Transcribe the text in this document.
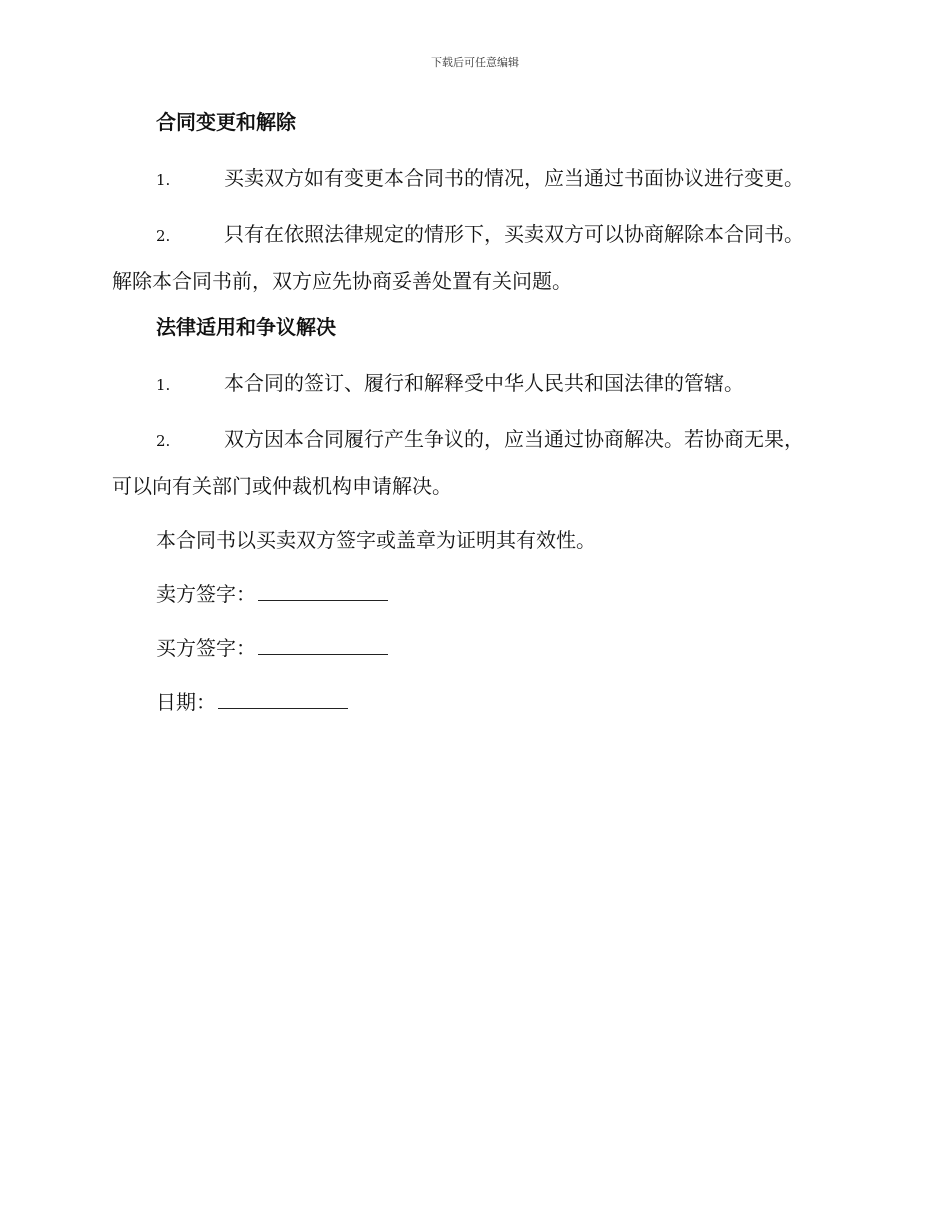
下载后可任意编辑
合同变更和解除

1.	买卖双方如有变更本合同书的情况，应当通过书面协议进行变更。

2.	只有在依照法律规定的情形下，买卖双方可以协商解除本合同书。解除本合同书前，双方应先协商妥善处置有关问题。

法律适用和争议解决

1.	本合同的签订、履行和解释受中华人民共和国法律的管辖。

2.	双方因本合同履行产生争议的，应当通过协商解决。若协商无果，可以向有关部门或仲裁机构申请解决。

本合同书以买卖双方签字或盖章为证明其有效性。

卖方签字：
买方签字：
日期：
